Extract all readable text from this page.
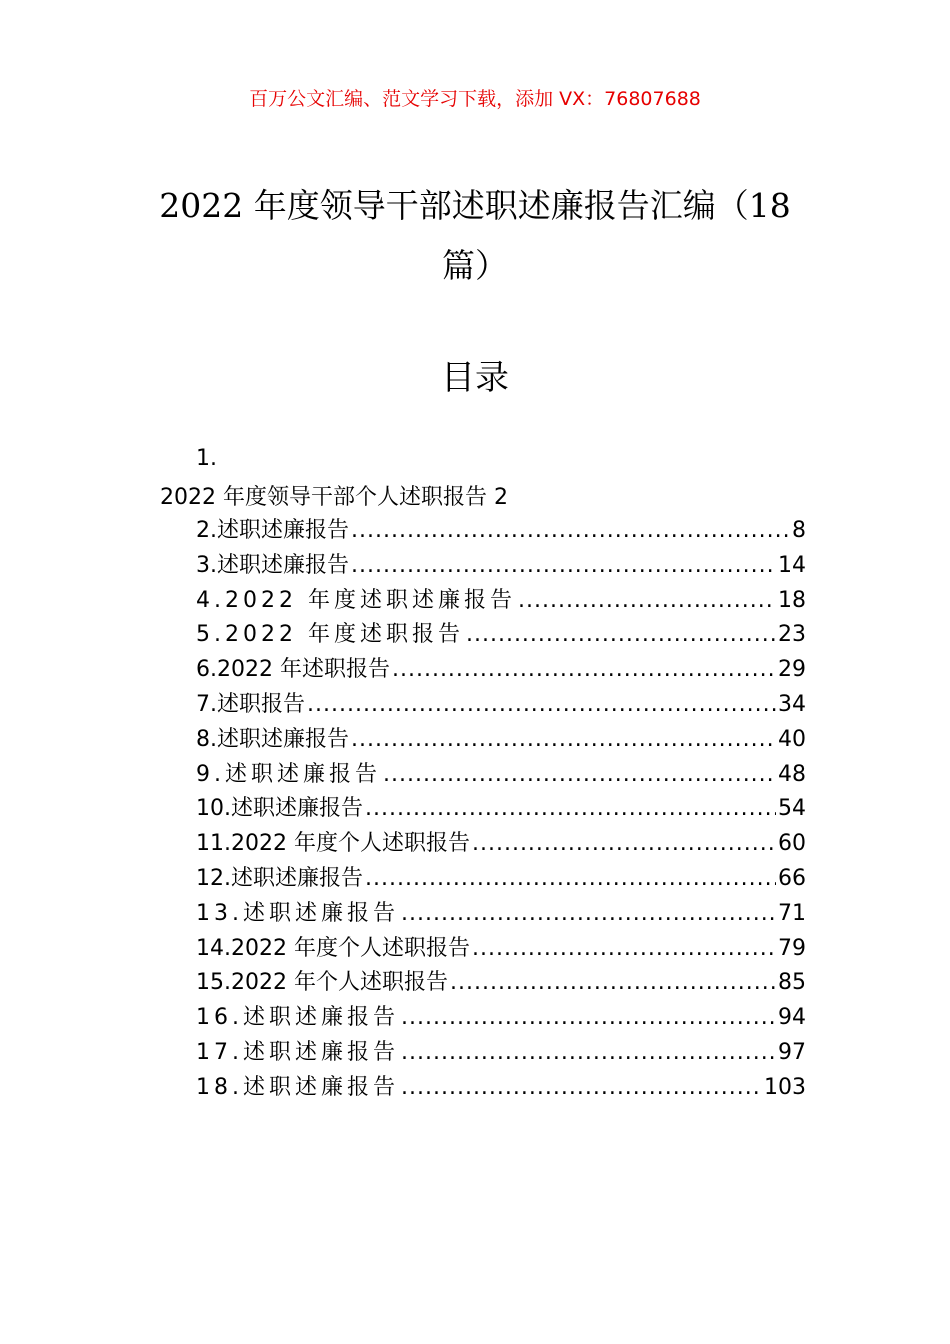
百万公文汇编、范文学习下载，添加 VX：76807688
2022 年度领导干部述职述廉报告汇编（18 篇）
目录
1.
2022 年度领导干部个人述职报告 2
2.述职述廉报告 .....	8
3.述职述廉报告 .....	14
4.2022 年度述职述廉报告 .....	18
5.2022 年度述职报告 .....	23
6.2022 年述职报告 .....	29
7.述职报告 .....	34
8.述职述廉报告 .....	40
9.述职述廉报告 .....	48
10.述职述廉报告 .....	54
11.2022 年度个人述职报告 .....	60
12.述职述廉报告 .....	66
13.述职述廉报告 .....	71
14.2022 年度个人述职报告 .....	79
15.2022 年个人述职报告 .....	85
16.述职述廉报告 .....	94
17.述职述廉报告 .....	97
18.述职述廉报告 .....	103
